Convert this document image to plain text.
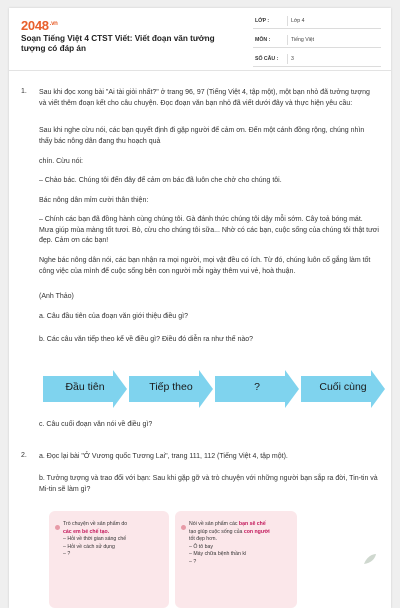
$2048^{.vn}$
Soạn Tiếng Việt 4 CTST Viết: Viết đoạn văn tưởng tượng có đáp án
LỚP :	Lớp 4
MÔN :	Tiếng Việt
SỐ CÂU : 3
1. Sau khi đọc xong bài "Ai tài giỏi nhất?" ở trang 96, 97 (Tiếng Việt 4, tập một), một bạn nhỏ đã tưởng tượng và viết thêm đoạn kết cho câu chuyện. Đọc đoạn văn bạn nhỏ đã viết dưới đây và thực hiện yêu cầu:
Sau khi nghe cừu nói, các bạn quyết định đi gặp người để cảm ơn. Đến một cánh đồng rộng, chúng nhìn thấy bác nông dân đang thu hoạch quả
chín. Cừu nói:
– Chào bác. Chúng tôi đến đây để cảm ơn bác đã luôn che chở cho chúng tôi.
Bác nông dân mỉm cười thân thiện:
– Chính các bạn đã đồng hành cùng chúng tôi. Gà đánh thức chúng tôi dậy mỗi sớm. Cây toả bóng mát. Mưa giúp mùa màng tốt tươi. Bò, cừu cho chúng tôi sữa... Nhờ có các bạn, cuộc sống của chúng tôi thật tươi đẹp. Cảm ơn các bạn!
Nghe bác nông dân nói, các bạn nhận ra mọi người, mọi vật đều có ích. Từ đó, chúng luôn cố gắng làm tốt công việc của mình để cuộc sống bên con người mỗi ngày thêm vui vẻ, hoà thuận.
(Anh Thảo)
a. Câu đầu tiên của đoạn văn giới thiệu điều gì?
b. Các câu văn tiếp theo kể về điều gì? Điều đó diễn ra như thế nào?
Đầu tiên	Tiếp theo	?	Cuối cùng
c. Câu cuối đoạn văn nói về điều gì?
2. a. Đọc lại bài "Ở Vương quốc Tương Lai", trang 111, 112 (Tiếng Việt 4, tập một).
b. Tưởng tượng và trao đổi với bạn: Sau khi gặp gỡ và trò chuyện với những người bạn sắp ra đời, Tin-tin và Mi-tin sẽ làm gì?
Trò chuyện về sản phẩm do
các em bé chế tạo.
– Hỏi về thời gian sáng chế
– Hỏi về cách sử dụng
– ?
Nói về sản phẩm các bạn sẽ chế
tạo giúp cuộc sống của con người
tốt đẹp hơn.
– Ô tô bay
– Máy chữa bệnh thần kì
– ?
